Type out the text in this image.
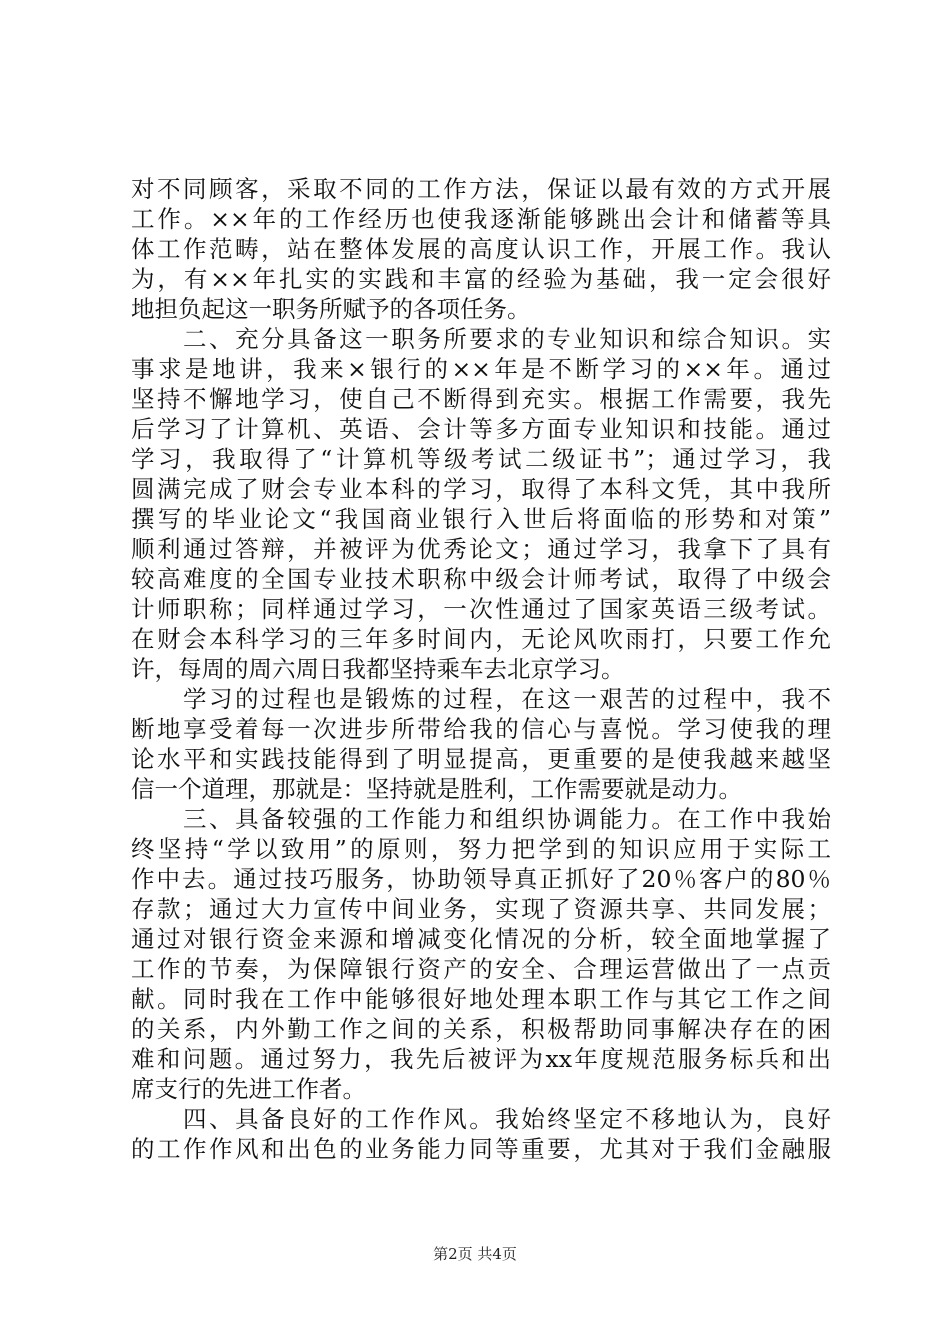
对不同顾客，采取不同的工作方法，保证以最有效的方式开展
工作。××年的工作经历也使我逐渐能够跳出会计和储蓄等具
体工作范畴，站在整体发展的高度认识工作，开展工作。我认
为，有××年扎实的实践和丰富的经验为基础，我一定会很好
地担负起这一职务所赋予的各项任务。
　　二、充分具备这一职务所要求的专业知识和综合知识。实
事求是地讲，我来×银行的××年是不断学习的××年。通过
坚持不懈地学习，使自己不断得到充实。根据工作需要，我先
后学习了计算机、英语、会计等多方面专业知识和技能。通过
学习，我取得了“计算机等级考试二级证书”；通过学习，我
圆满完成了财会专业本科的学习，取得了本科文凭，其中我所
撰写的毕业论文“我国商业银行入世后将面临的形势和对策”
顺利通过答辩，并被评为优秀论文；通过学习，我拿下了具有
较高难度的全国专业技术职称中级会计师考试，取得了中级会
计师职称；同样通过学习，一次性通过了国家英语三级考试。
在财会本科学习的三年多时间内，无论风吹雨打，只要工作允
许，每周的周六周日我都坚持乘车去北京学习。
　　学习的过程也是锻炼的过程，在这一艰苦的过程中，我不
断地享受着每一次进步所带给我的信心与喜悦。学习使我的理
论水平和实践技能得到了明显提高，更重要的是使我越来越坚
信一个道理，那就是：坚持就是胜利，工作需要就是动力。
　　三、具备较强的工作能力和组织协调能力。在工作中我始
终坚持“学以致用”的原则，努力把学到的知识应用于实际工
作中去。通过技巧服务，协助领导真正抓好了20％客户的80％
存款；通过大力宣传中间业务，实现了资源共享、共同发展；
通过对银行资金来源和增减变化情况的分析，较全面地掌握了
工作的节奏，为保障银行资产的安全、合理运营做出了一点贡
献。同时我在工作中能够很好地处理本职工作与其它工作之间
的关系，内外勤工作之间的关系，积极帮助同事解决存在的困
难和问题。通过努力，我先后被评为xx年度规范服务标兵和出
席支行的先进工作者。
　　四、具备良好的工作作风。我始终坚定不移地认为，良好
的工作作风和出色的业务能力同等重要，尤其对于我们金融服
第2页 共4页
